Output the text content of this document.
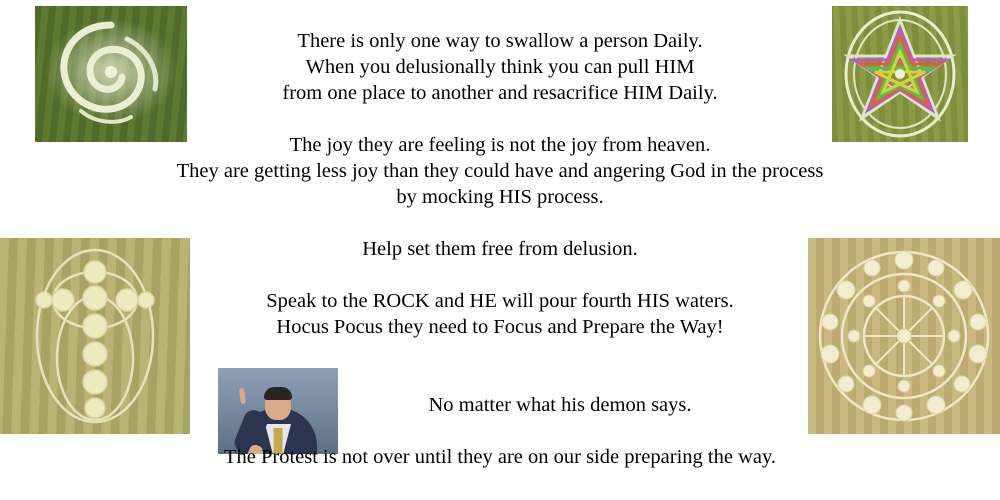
There is only one way to swallow a person Daily.
When you delusionally think you can pull HIM
from one place to another and resacrifice HIM Daily.
The joy they are feeling is not the joy from heaven.
They are getting less joy than they could have and angering God in the process
by mocking HIS process.
Help set them free from delusion.
Speak to the ROCK and HE will pour fourth HIS waters.
Hocus Pocus they need to Focus and Prepare the Way!
No matter what his demon says.
The Protest is not over until they are on our side preparing the way.
